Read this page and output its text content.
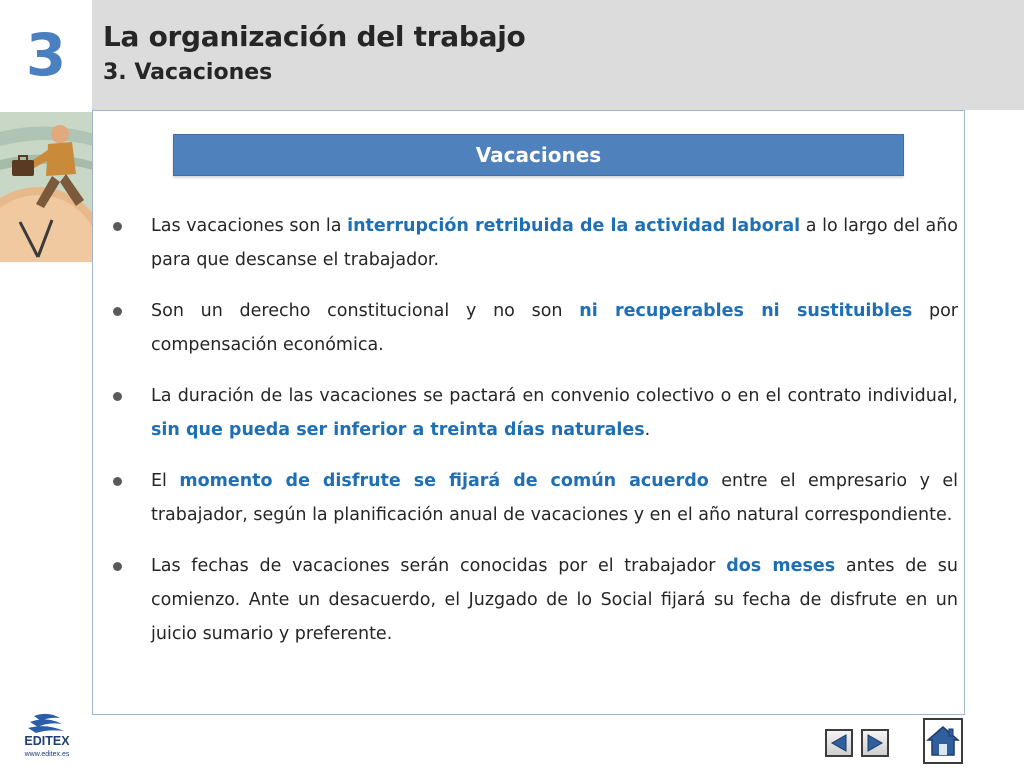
3	La organización del trabajo
3. Vacaciones
Vacaciones
Las vacaciones son la interrupción retribuida de la actividad laboral a lo largo del año para que descanse el trabajador.
Son un derecho constitucional y no son ni recuperables ni sustituibles por compensación económica.
La duración de las vacaciones se pactará en convenio colectivo o en el contrato individual, sin que pueda ser inferior a treinta días naturales.
El momento de disfrute se fijará de común acuerdo entre el empresario y el trabajador, según la planificación anual de vacaciones y en el año natural correspondiente.
Las fechas de vacaciones serán conocidas por el trabajador dos meses antes de su comienzo. Ante un desacuerdo, el Juzgado de lo Social fijará su fecha de disfrute en un juicio sumario y preferente.
EDITEX
www.editex.es
